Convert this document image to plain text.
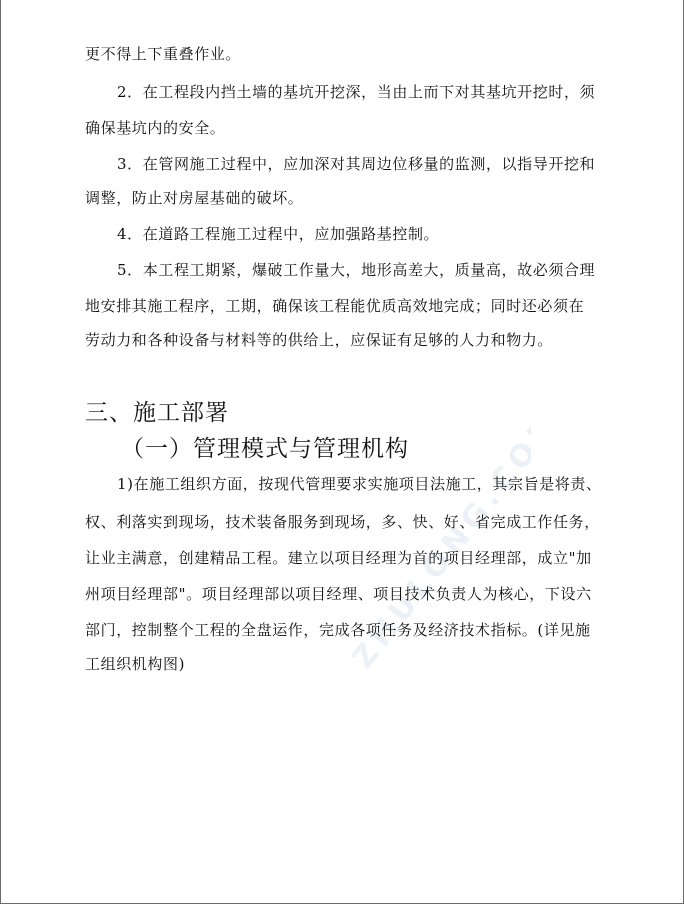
ZHULONG.COM
更不得上下重叠作业。
2．在工程段内挡土墙的基坑开挖深，当由上而下对其基坑开挖时，须
确保基坑内的安全。
3．在管网施工过程中，应加深对其周边位移量的监测，以指导开挖和
调整，防止对房屋基础的破坏。
4．在道路工程施工过程中，应加强路基控制。
5．本工程工期紧，爆破工作量大，地形高差大，质量高，故必须合理
地安排其施工程序，工期，确保该工程能优质高效地完成；同时还必须在
劳动力和各种设备与材料等的供给上，应保证有足够的人力和物力。
三、施工部署
（一）管理模式与管理机构
1)在施工组织方面，按现代管理要求实施项目法施工，其宗旨是将责、
权、利落实到现场，技术装备服务到现场，多、快、好、省完成工作任务，
让业主满意，创建精品工程。建立以项目经理为首的项目经理部，成立"加
州项目经理部"。项目经理部以项目经理、项目技术负责人为核心，下设六
部门，控制整个工程的全盘运作，完成各项任务及经济技术指标。(详见施
工组织机构图)
